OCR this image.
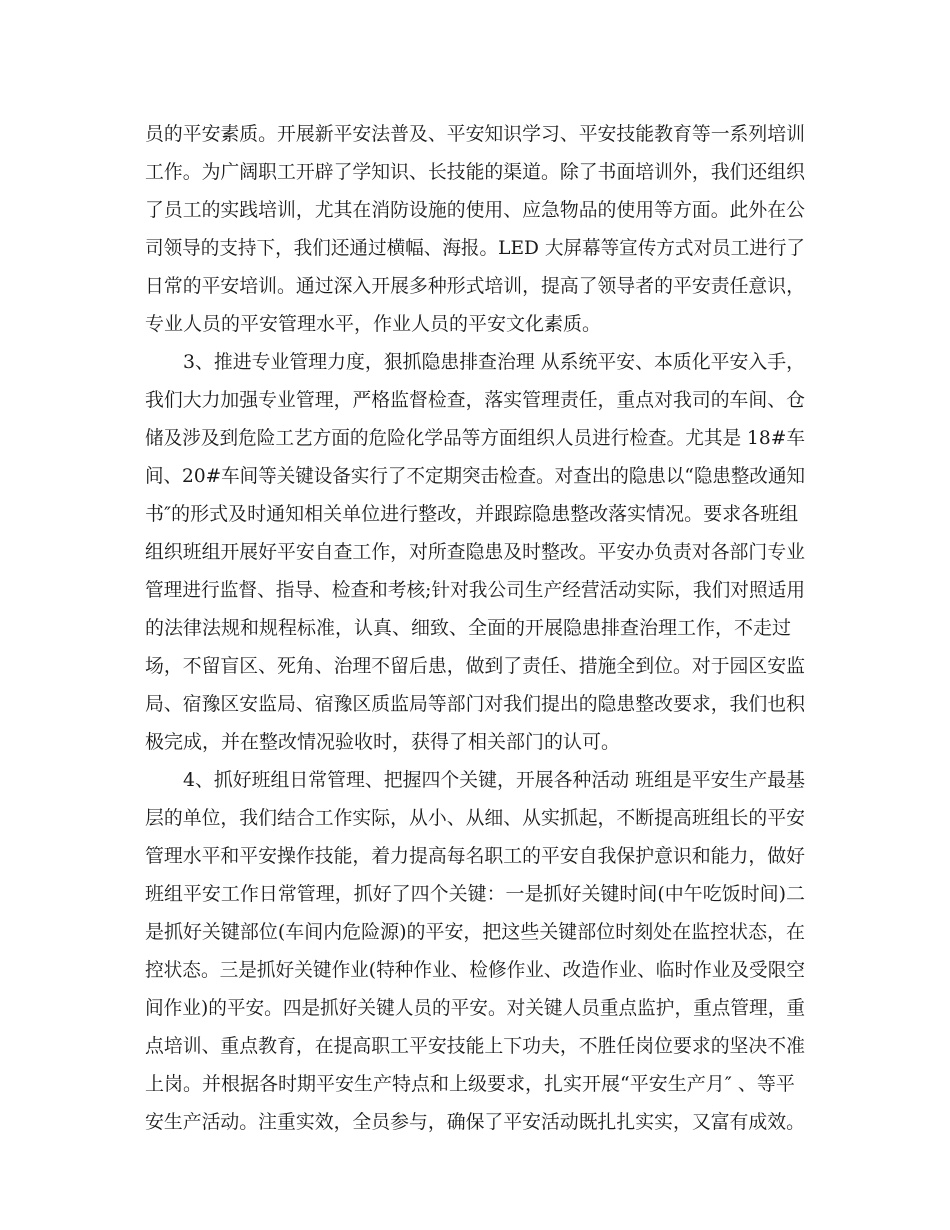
员的平安素质。开展新平安法普及、平安知识学习、平安技能教育等一系列培训
工作。为广阔职工开辟了学知识、长技能的渠道。除了书面培训外，我们还组织
了员工的实践培训，尤其在消防设施的使用、应急物品的使用等方面。此外在公
司领导的支持下，我们还通过横幅、海报。LED 大屏幕等宣传方式对员工进行了
日常的平安培训。通过深入开展多种形式培训，提高了领导者的平安责任意识，
专业人员的平安管理水平，作业人员的平安文化素质。
3、推进专业管理力度，狠抓隐患排查治理 从系统平安、本质化平安入手，
我们大力加强专业管理，严格监督检查，落实管理责任，重点对我司的车间、仓
储及涉及到危险工艺方面的危险化学品等方面组织人员进行检查。尤其是 18#车
间、20#车间等关键设备实行了不定期突击检查。对查出的隐患以“隐患整改通知
书″的形式及时通知相关单位进行整改，并跟踪隐患整改落实情况。要求各班组
组织班组开展好平安自查工作，对所查隐患及时整改。平安办负责对各部门专业
管理进行监督、指导、检查和考核;针对我公司生产经营活动实际，我们对照适用
的法律法规和规程标准，认真、细致、全面的开展隐患排查治理工作，不走过
场，不留盲区、死角、治理不留后患，做到了责任、措施全到位。对于园区安监
局、宿豫区安监局、宿豫区质监局等部门对我们提出的隐患整改要求，我们也积
极完成，并在整改情况验收时，获得了相关部门的认可。
4、抓好班组日常管理、把握四个关键，开展各种活动 班组是平安生产最基
层的单位，我们结合工作实际，从小、从细、从实抓起，不断提高班组长的平安
管理水平和平安操作技能，着力提高每名职工的平安自我保护意识和能力，做好
班组平安工作日常管理，抓好了四个关键：一是抓好关键时间(中午吃饭时间)二
是抓好关键部位(车间内危险源)的平安，把这些关键部位时刻处在监控状态，在
控状态。三是抓好关键作业(特种作业、检修作业、改造作业、临时作业及受限空
间作业)的平安。四是抓好关键人员的平安。对关键人员重点监护，重点管理，重
点培训、重点教育，在提高职工平安技能上下功夫，不胜任岗位要求的坚决不准
上岗。并根据各时期平安生产特点和上级要求，扎实开展“平安生产月″ 、等平
安生产活动。注重实效，全员参与，确保了平安活动既扎扎实实，又富有成效。
